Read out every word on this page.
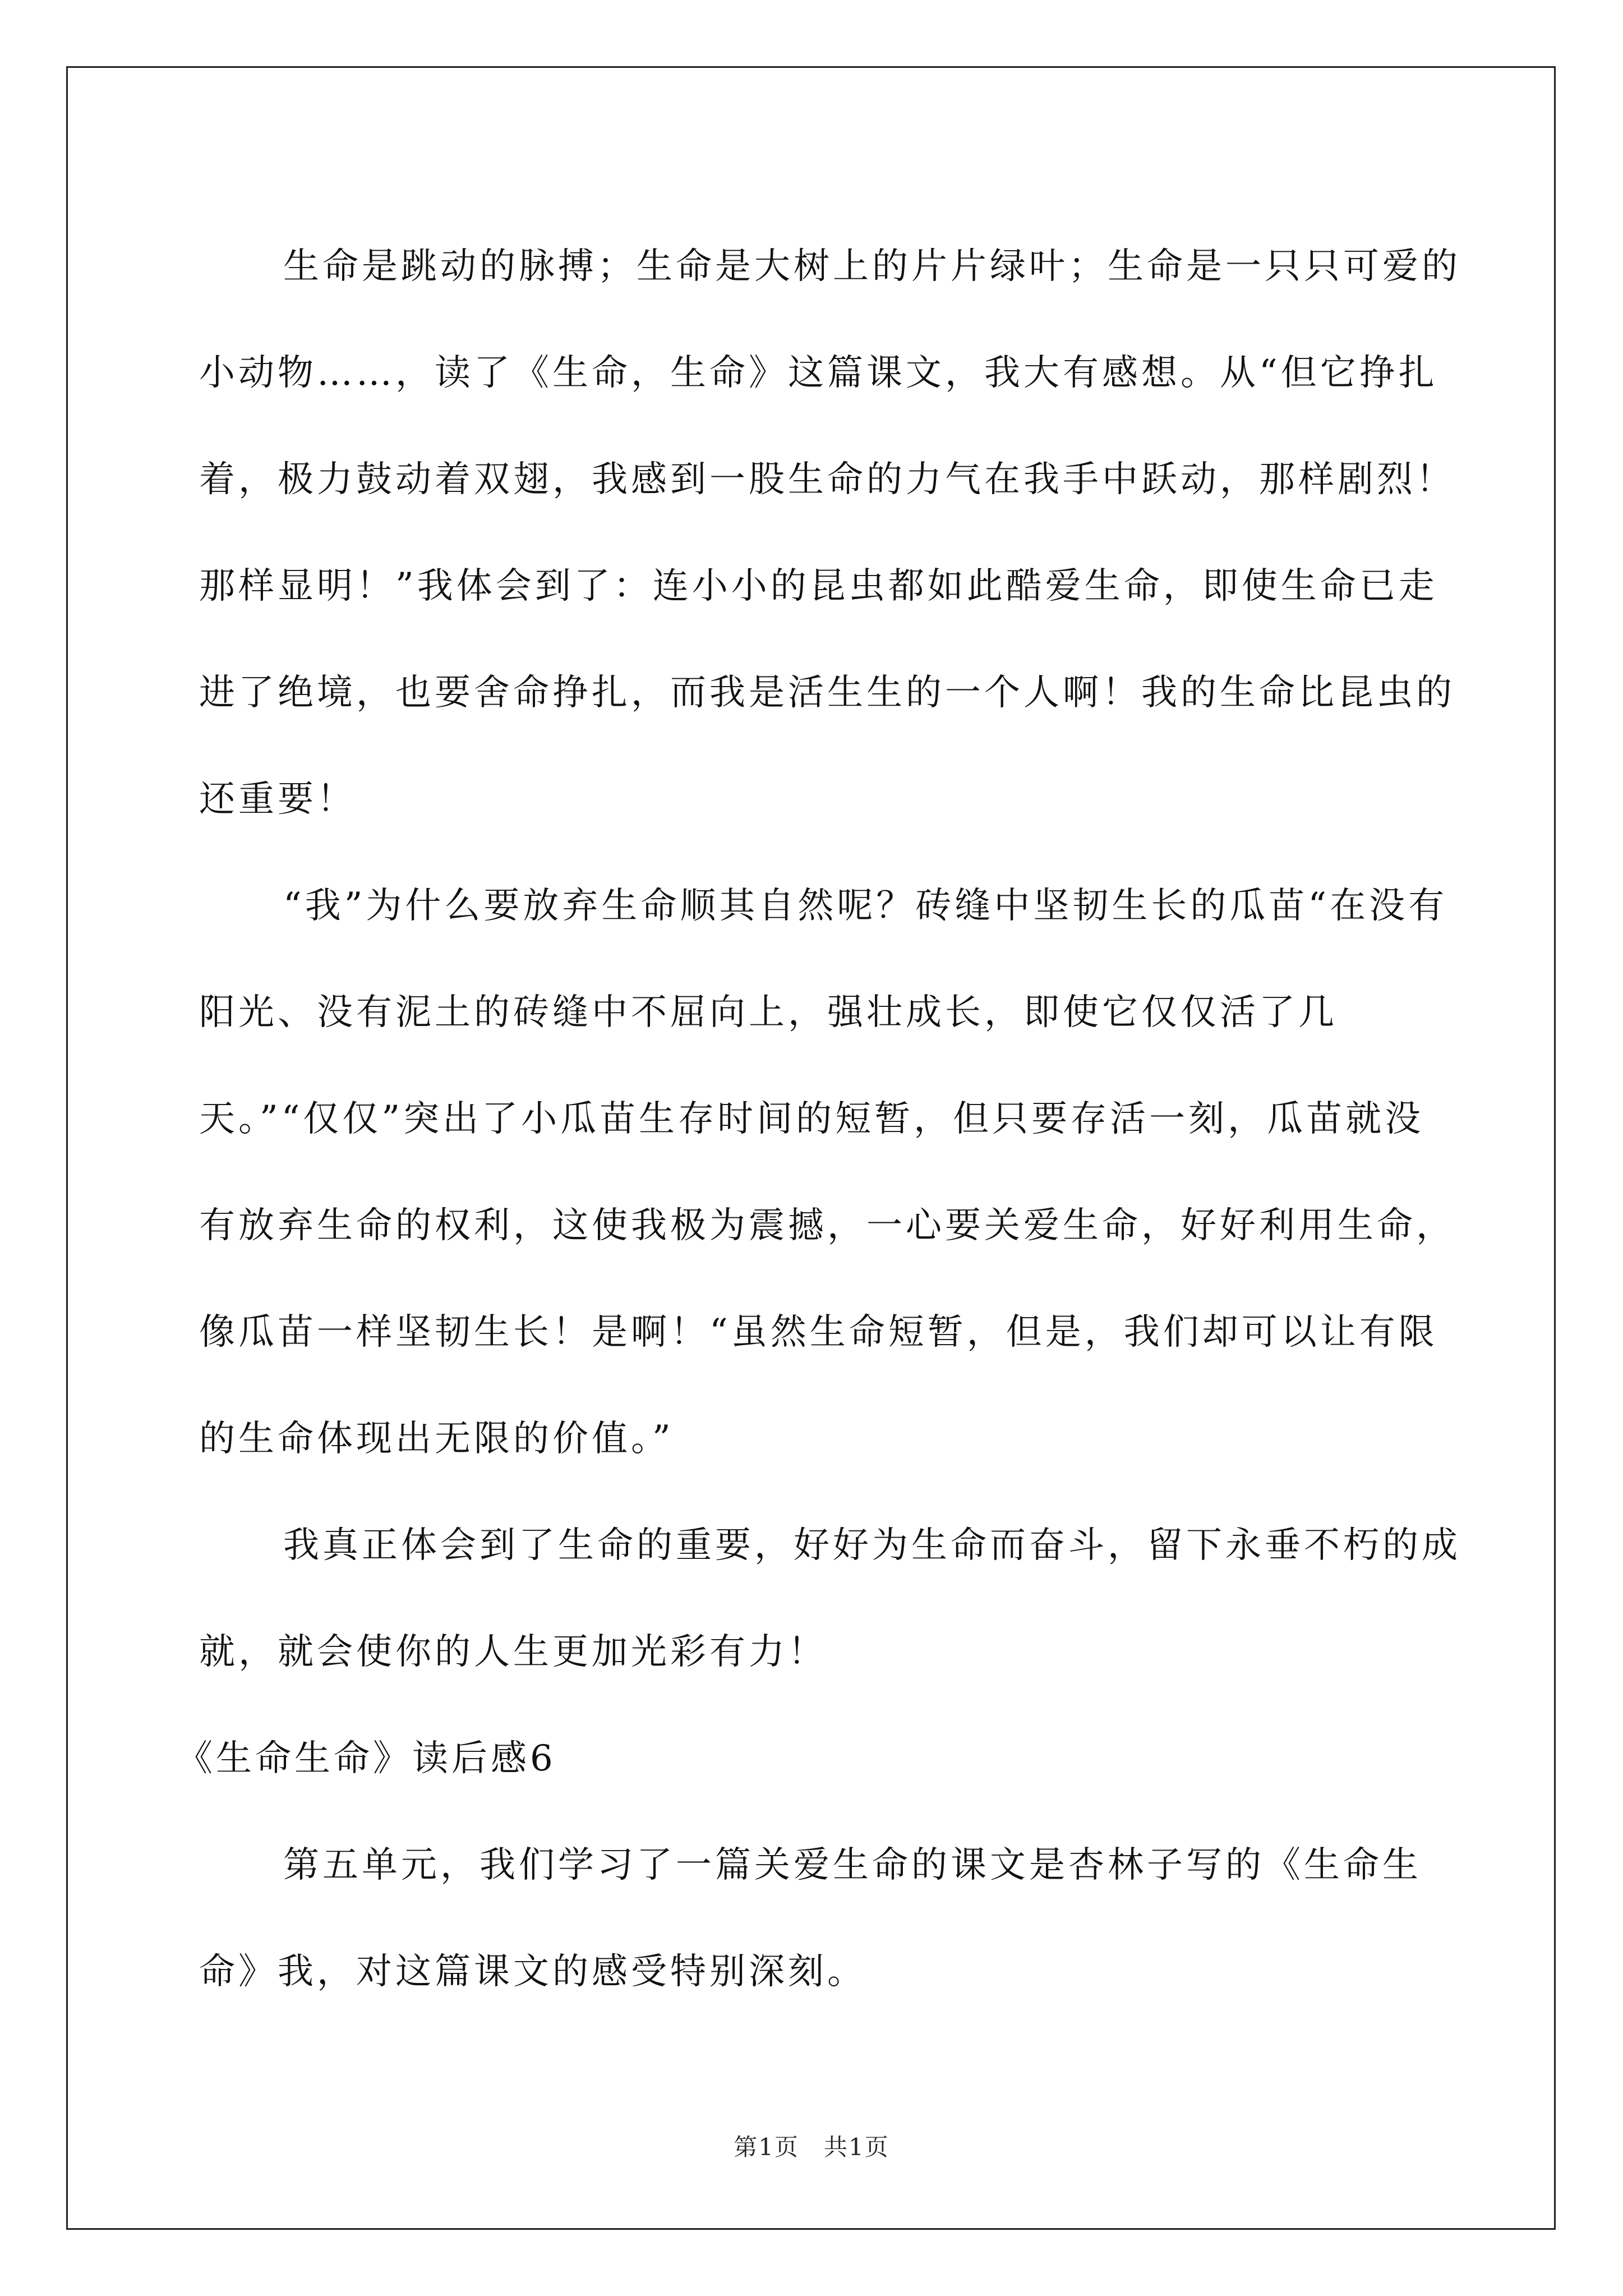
生命是跳动的脉搏；生命是大树上的片片绿叶；生命是一只只可爱的小动物……，读了《生命，生命》这篇课文，我大有感想。从“但它挣扎着，极力鼓动着双翅，我感到一股生命的力气在我手中跃动，那样剧烈！那样显明！”我体会到了：连小小的昆虫都如此酷爱生命，即使生命已走进了绝境，也要舍命挣扎，而我是活生生的一个人啊！我的生命比昆虫的还重要！

“我”为什么要放弃生命顺其自然呢？砖缝中坚韧生长的瓜苗“在没有阳光、没有泥土的砖缝中不屈向上，强壮成长，即使它仅仅活了几天。”“仅仅”突出了小瓜苗生存时间的短暂，但只要存活一刻，瓜苗就没有放弃生命的权利，这使我极为震撼，一心要关爱生命，好好利用生命，像瓜苗一样坚韧生长！是啊！“虽然生命短暂，但是，我们却可以让有限的生命体现出无限的价值。”

我真正体会到了生命的重要，好好为生命而奋斗，留下永垂不朽的成就，就会使你的人生更加光彩有力！

《生命生命》读后感6

第五单元，我们学习了一篇关爱生命的课文是杏林子写的《生命生命》我，对这篇课文的感受特别深刻。

第1页　共1页
